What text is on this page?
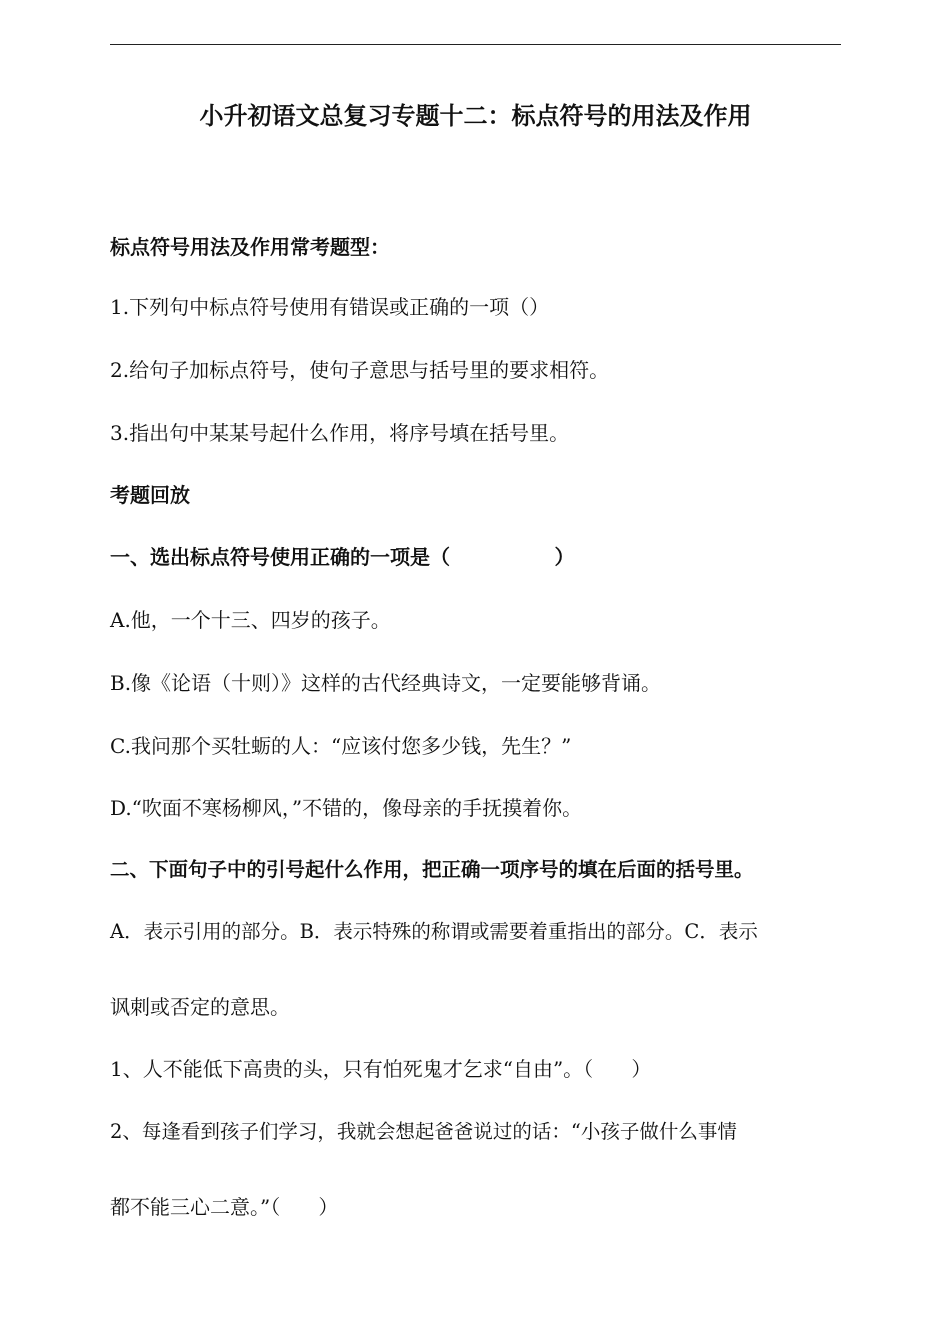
小升初语文总复习专题十二：标点符号的用法及作用
标点符号用法及作用常考题型：
1.下列句中标点符号使用有错误或正确的一项（）
2.给句子加标点符号，使句子意思与括号里的要求相符。
3.指出句中某某号起什么作用，将序号填在括号里。
考题回放
一、选出标点符号使用正确的一项是（               ）
A.他，一个十三、四岁的孩子。
B.像《论语（十则）》这样的古代经典诗文，一定要能够背诵。
C.我问那个买牡蛎的人：“应该付您多少钱，先生？”
D.“吹面不寒杨柳风，”不错的，像母亲的手抚摸着你。
二、下面句子中的引号起什么作用，把正确一项序号的填在后面的括号里。
A．表示引用的部分。B．表示特殊的称谓或需要着重指出的部分。C．表示
讽刺或否定的意思。
1、人不能低下高贵的头，只有怕死鬼才乞求“自由”。（      ）
2、每逢看到孩子们学习，我就会想起爸爸说过的话：“小孩子做什么事情
都不能三心二意。”（      ）
